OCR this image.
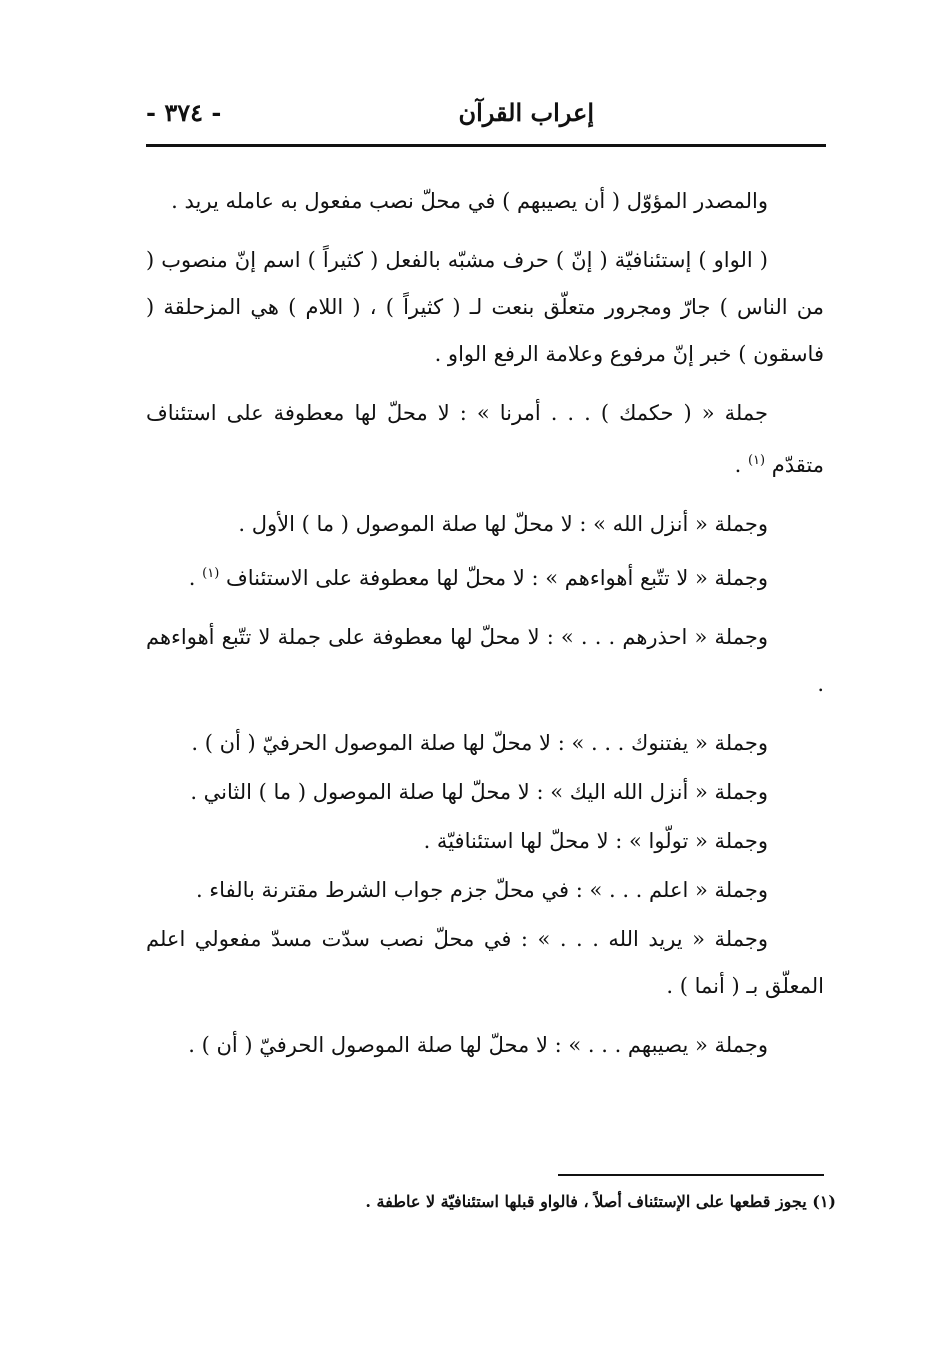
إعراب القرآن
- ٣٧٤ -

والمصدر المؤوّل ( أن يصيبهم ) في محلّ نصب مفعول به عامله يريد .

( الواو ) إستئنافيّة ( إنّ ) حرف مشبّه بالفعل ( كثيراً ) اسم إنّ منصوب ( من الناس ) جارّ ومجرور متعلّق بنعت لـ ( كثيراً ) ، ( اللام ) هي المزحلقة ( فاسقون ) خبر إنّ مرفوع وعلامة الرفع الواو .

جملة « ( حكمك ) . . . أمرنا » : لا محلّ لها معطوفة على استئناف متقدّم $^{(١)}$ .

وجملة « أنزل الله » : لا محلّ لها صلة الموصول ( ما ) الأول .

وجملة « لا تتّبع أهواءهم » : لا محلّ لها معطوفة على الاستئناف $^{(١)}$ .

وجملة « احذرهم . . . » : لا محلّ لها معطوفة على جملة لا تتّبع أهواءهم .

وجملة « يفتنوك . . . » : لا محلّ لها صلة الموصول الحرفيّ ( أن ) .

وجملة « أنزل الله اليك » : لا محلّ لها صلة الموصول ( ما ) الثاني .

وجملة « تولّوا » : لا محلّ لها استئنافيّة .

وجملة « اعلم . . . » : في محلّ جزم جواب الشرط مقترنة بالفاء .

وجملة « يريد الله . . . » : في محلّ نصب سدّت مسدّ مفعولي اعلم المعلّق بـ ( أنما ) .

وجملة « يصيبهم . . . » : لا محلّ لها صلة الموصول الحرفيّ ( أن ) .

(١) يجوز قطعها على الإستئناف أصلاً ، فالواو قبلها استئنافيّة لا عاطفة .
